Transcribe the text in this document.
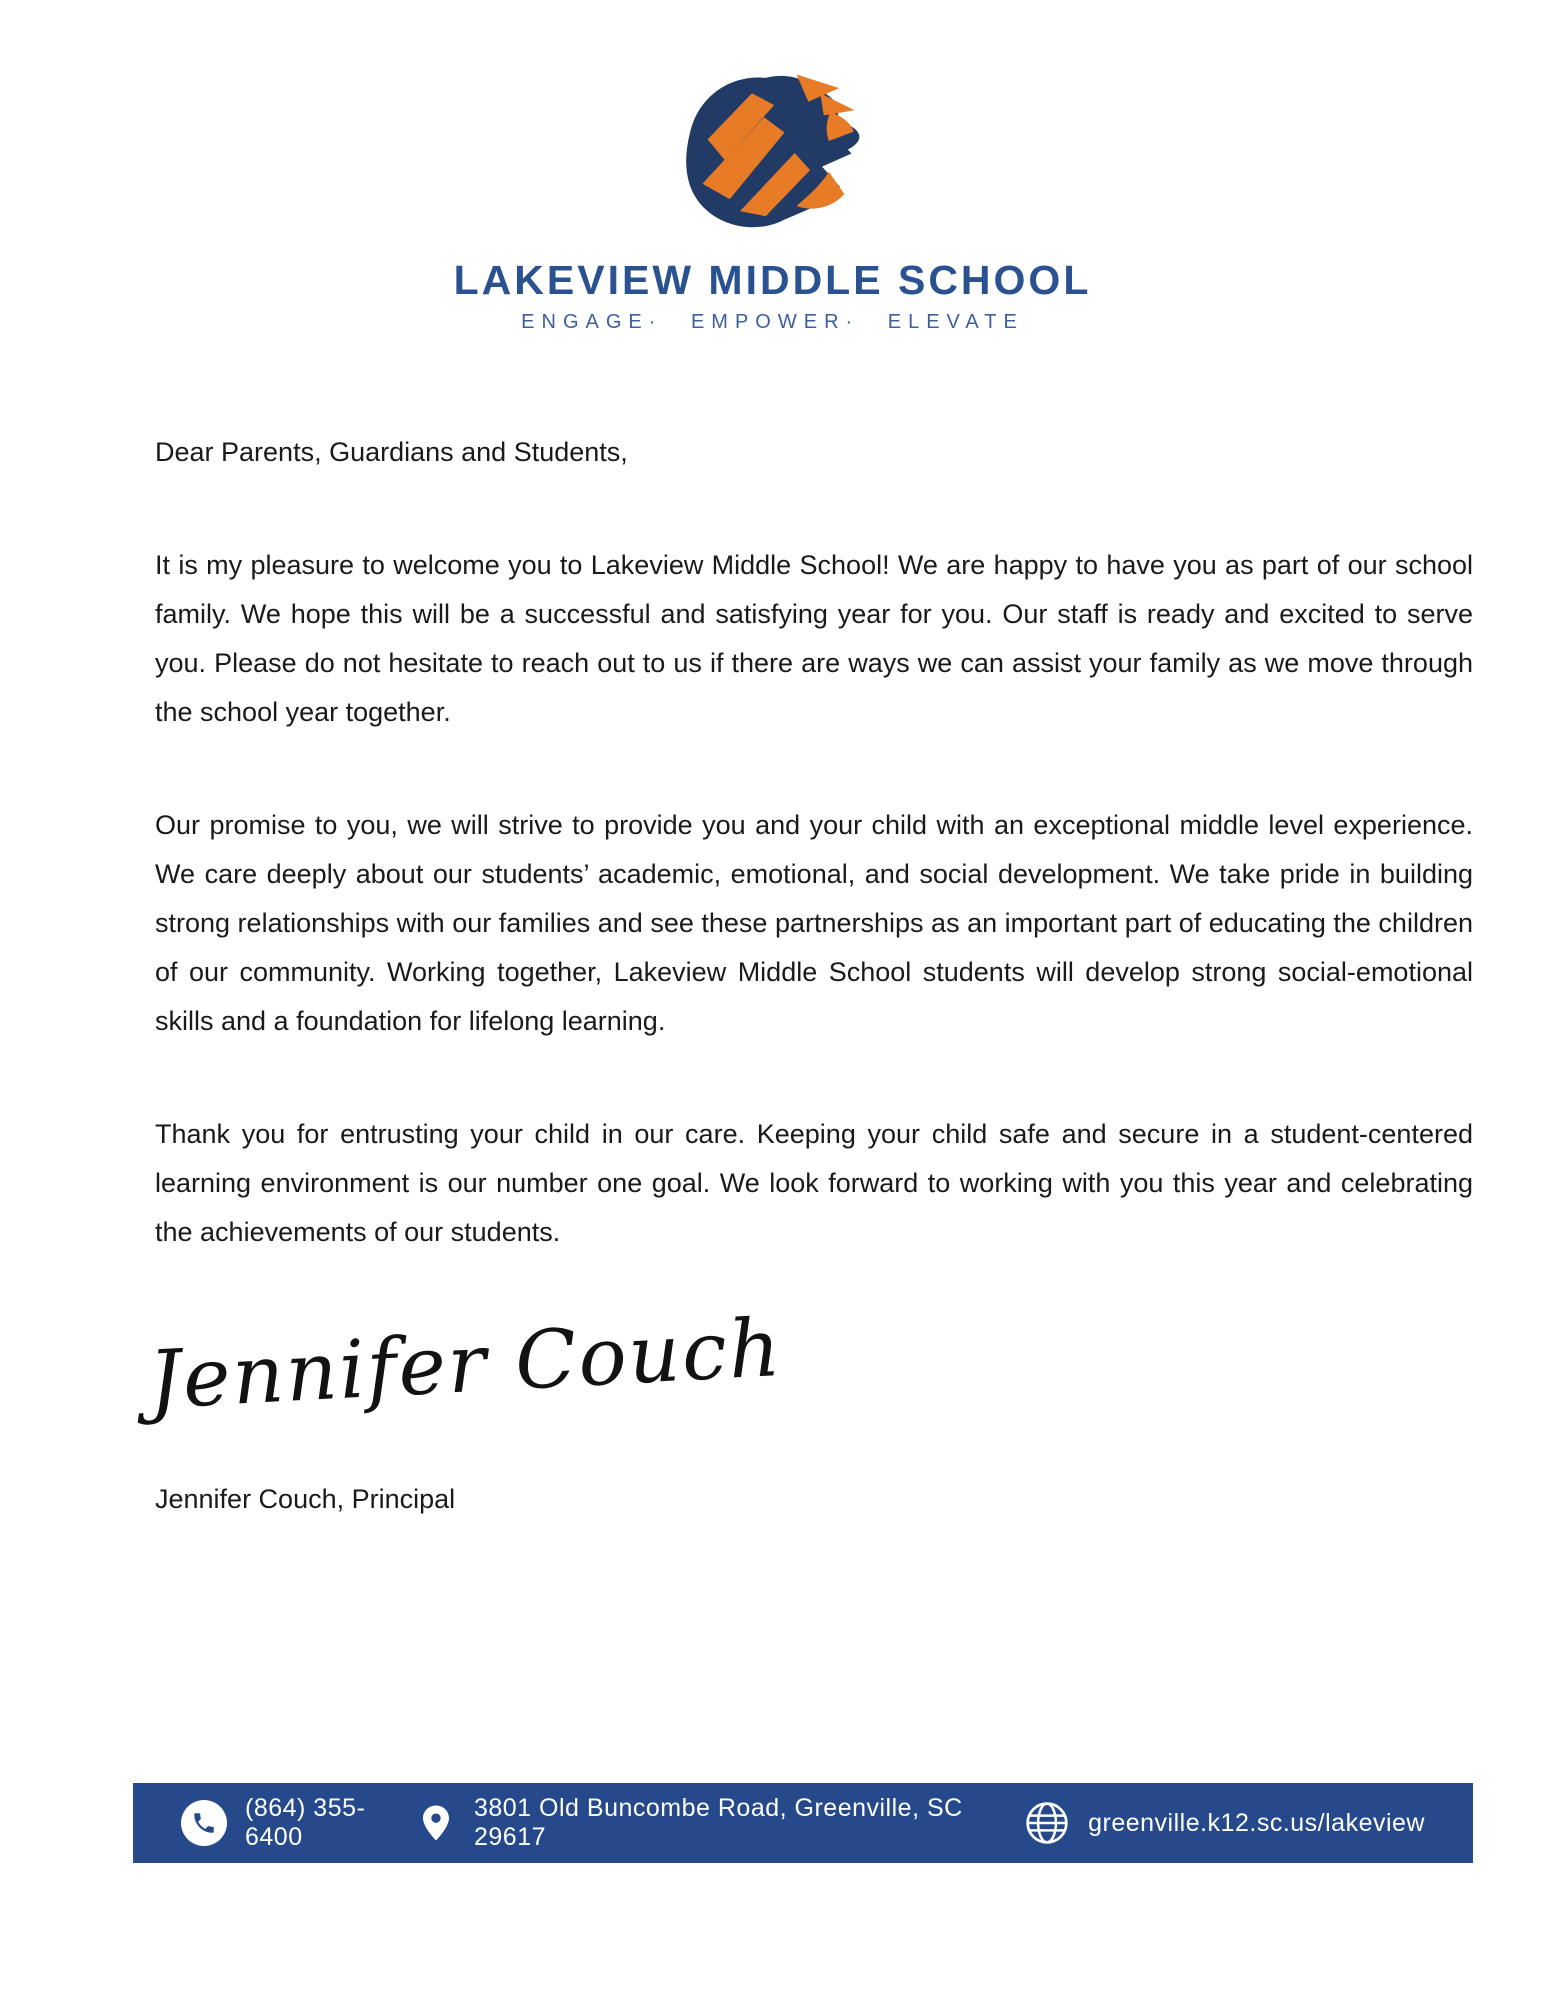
LAKEVIEW MIDDLE SCHOOL
ENGAGE· EMPOWER· ELEVATE

Dear Parents, Guardians and Students,

It is my pleasure to welcome you to Lakeview Middle School! We are happy to have you as part of our school family. We hope this will be a successful and satisfying year for you. Our staff is ready and excited to serve you. Please do not hesitate to reach out to us if there are ways we can assist your family as we move through the school year together.

Our promise to you, we will strive to provide you and your child with an exceptional middle level experience. We care deeply about our students’ academic, emotional, and social development. We take pride in building strong relationships with our families and see these partnerships as an important part of educating the children of our community. Working together, Lakeview Middle School students will develop strong social-emotional skills and a foundation for lifelong learning.

Thank you for entrusting your child in our care. Keeping your child safe and secure in a student-centered learning environment is our number one goal. We look forward to working with you this year and celebrating the achievements of our students.

Jennifer Couch

Jennifer Couch, Principal

(864) 355-6400
3801 Old Buncombe Road, Greenville, SC 29617
greenville.k12.sc.us/lakeview
